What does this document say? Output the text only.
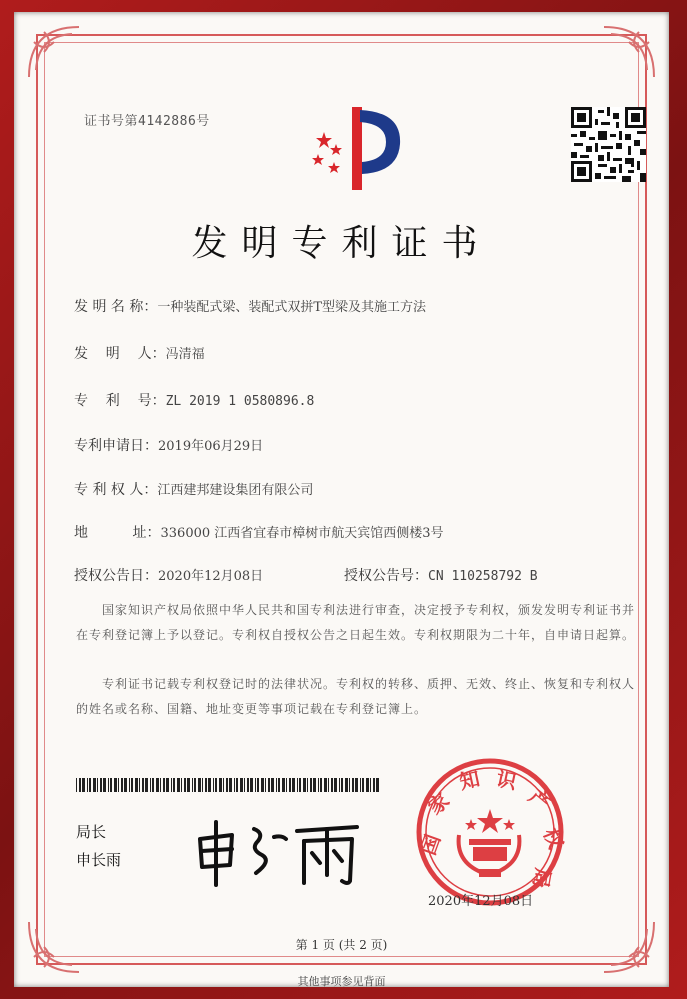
证书号第4142886号
发明专利证书
发 明 名 称：一种装配式梁、装配式双拼T型梁及其施工方法
发    明    人：冯清福
专    利    号：ZL 2019 1 0580896.8
专利申请日：2019年06月29日
专 利 权 人：江西建邦建设集团有限公司
地          址：336000 江西省宜春市樟树市航天宾馆西侧楼3号
授权公告日：2020年12月08日	授权公告号：CN 110258792 B
国家知识产权局依照中华人民共和国专利法进行审查，决定授予专利权，颁发发明专利证书并在专利登记簿上予以登记。专利权自授权公告之日起生效。专利权期限为二十年，自申请日起算。
专利证书记载专利权登记时的法律状况。专利权的转移、质押、无效、终止、恢复和专利权人的姓名或名称、国籍、地址变更等事项记载在专利登记簿上。
局长
申长雨
国
家
知 识
产
权
局
2020年12月08日
第 1 页 (共 2 页)
其他事项参见背面
